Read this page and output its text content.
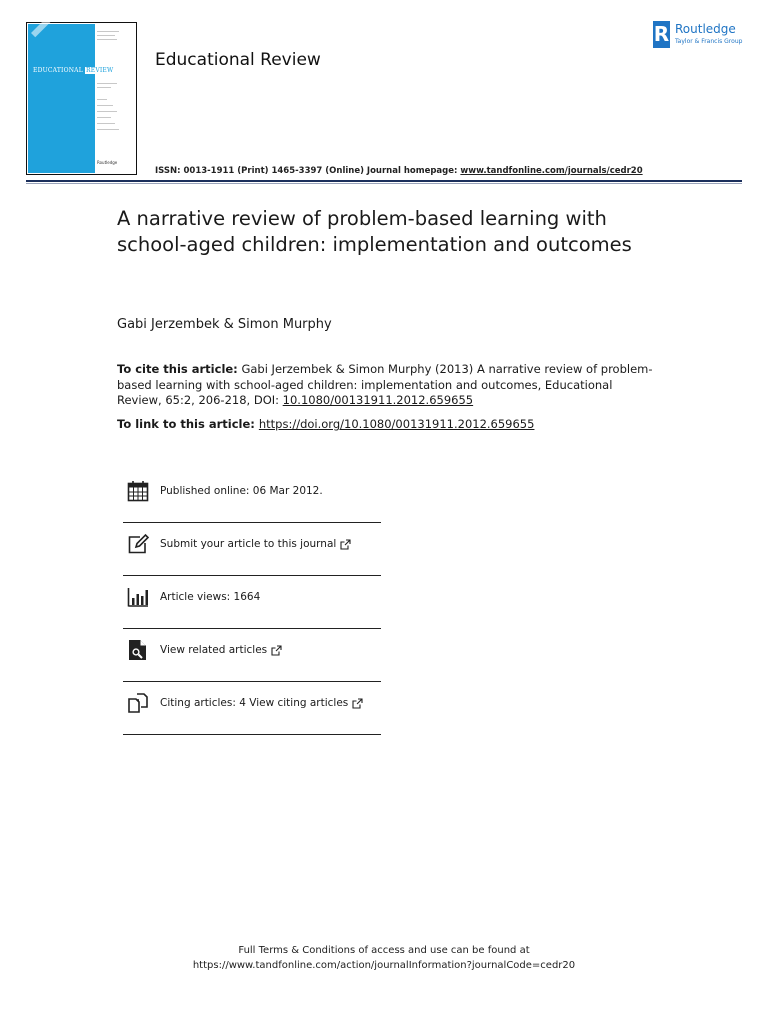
EDUCATIONAL REVIEW
Routledge
Educational Review
R Routledge
Taylor & Francis Group
ISSN: 0013-1911 (Print) 1465-3397 (Online) Journal homepage: www.tandfonline.com/journals/cedr20
A narrative review of problem-based learning with school-aged children: implementation and outcomes
Gabi Jerzembek & Simon Murphy
To cite this article: Gabi Jerzembek & Simon Murphy (2013) A narrative review of problem-based learning with school-aged children: implementation and outcomes, Educational Review, 65:2, 206-218, DOI: 10.1080/00131911.2012.659655
To link to this article: https://doi.org/10.1080/00131911.2012.659655
Published online: 06 Mar 2012.
Submit your article to this journal
Article views: 1664
View related articles
Citing articles: 4 View citing articles
Full Terms & Conditions of access and use can be found at
https://www.tandfonline.com/action/journalInformation?journalCode=cedr20
